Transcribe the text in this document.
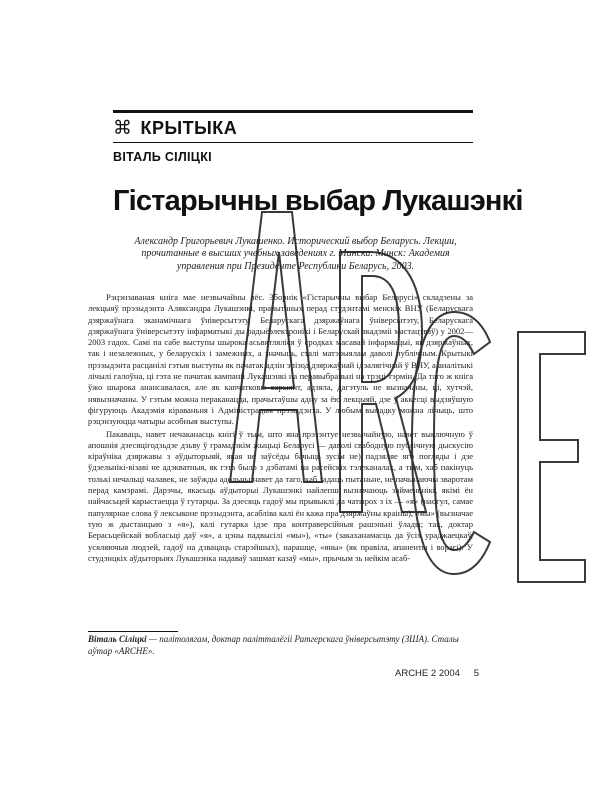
⌘ КРЫТЫКА
ВІТАЛЬ СІЛІЦКІ
Гістарычны выбар Лукашэнкі
Александр Григорьевич Лукашенко. Исторический выбор Беларусь. Лекции, прочитанные в высших учебных заведениях г. Минска. Минск: Академия управления при Президенте Республики Беларусь, 2003.

Рэцэнзаваная кніга мае незвычайны лёс. Зборнік «Гістарычны выбар Беларусі» складзены за лекцыяў прэзыдэнта Аляксандра Лукашэнкі, прачытаных перад студэнтамі менскіх ВНУ (Беларускага дзяржаўнага эканамічнага ўніверсытэту, Беларускага дзяржаўнага ўніверсытэту, Беларускага дзяржаўнага ўніверсытэту інфарматыкі ды радыёэлектронікі і Беларускай акадэміі мастацтваў) у 2002—2003 гадох. Самі па сабе выступы шырока асьвятляліся ў сродках масавай інфармацыі, як дзяржаўных, так і незалежных, у беларускіх і замежных, а значыць, сталі матэрыялам даволі публічным. Крытыкі прэзыдэнта расцанілі гэтыя выступы як пачатак адзін эпізод дзяржаўнай ідэалягічнай ў ВНУ, а аналітыкі лічылі галоўна, ці гэта не пачатак кампаніі Лукашэнкі на перавыбраньні на трэці тэрмін. Да таго ж кніга ўжо шырока анансавалася, але як капчатковы варыянт, адзяла, дагэтуль не вызначаны, ці, хутчэй, нявызначаны. У гэтым можна пераканацца, прачытаўшы адну за ёю лекцыяй, дзе ў аккесці выдзяўшую фігуруюць Акадэмія кіраваньня і Адміністрацыя прэзыдэнта. У любым выпадку можна лічыць, што рэцэнзуюцца чатыры асобныя выступы.

Пакаваць, навет нечаканасць кнігі ў тым, што яна прэзэнтуе незвычайную, навет выключную ў апошнія дзесяцігодзьдзе дзьву ў грамадзкім жыцьці Беларусі — даволі свабодную публічную дыскусію кіраўніка дзяржавы з аўдыторыяй, якая не заўсёды бачыць зусім не) падзяляе яго погляды і дзе ўдзельнікі-візаві не адэкватныя, як гэта было з дэбатамі на расейскіх тэлеканалах, а тым, хаб пакінуць толькі нечальці чалавек, не заўжды адольны навет да таго, каб задаць пытаньне, не пачынаючы зваротам перад камэрамі. Дарэчы, якасьць аўдыторыі Лукашэнкі найлепш вызначаюць займеньнікі, якімі ён найчасьцей карыстаецца ў гутарцы. За дзесяць гадоў мы прывыклі да чатырох з іх — «я» (наогул, самае папулярнае слова ў лексыконе прэзыдэнта, асабліва калі ён кажа пра дзяржаўны краіны), «мы» (вызначае тую ж дыстанцыю з «я»), калі гутарка ідзе пра контраверсійныя рашэньні ўлады; так, доктар Берасьцейскай вобласьці даў «я», а цэны падвысілі «мы»), «ты» (закаханамасць да ўсіх ураджаецкаў, усяляючыя людзей, гадоў на дзвацаць старэйшых), нарашце, «яны» (як правіла, апаненты і ворагі). У студэнцкіх аўдыторыях Лукашэнка надаваў зашмат казаў «мы», прычым зь нейкім асаб-

Віталь Сіліцкі — палітолягам, доктар палітталёгіі Ратгерскага ўніверсытэту (ЗША). Сталы аўтар «ARCHE».
ARCHE 2 2004 5
